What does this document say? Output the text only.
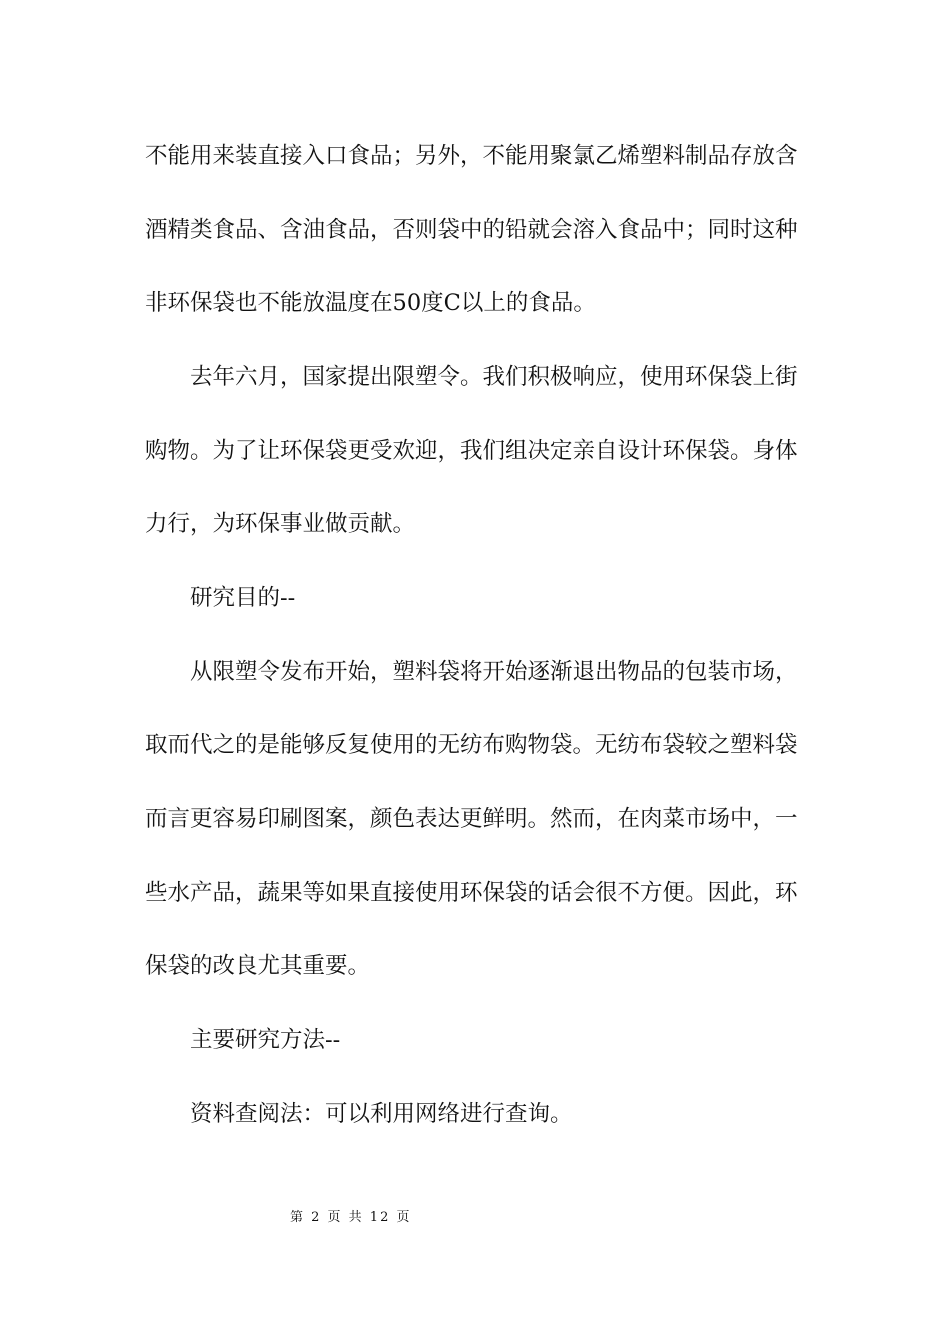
不能用来装直接入口食品；另外，不能用聚氯乙烯塑料制品存放含
酒精类食品、含油食品，否则袋中的铅就会溶入食品中；同时这种
非环保袋也不能放温度在50度C以上的食品。
去年六月，国家提出限塑令。我们积极响应，使用环保袋上街
购物。为了让环保袋更受欢迎，我们组决定亲自设计环保袋。身体
力行，为环保事业做贡献。
研究目的--
从限塑令发布开始，塑料袋将开始逐渐退出物品的包装市场，
取而代之的是能够反复使用的无纺布购物袋。无纺布袋较之塑料袋
而言更容易印刷图案，颜色表达更鲜明。然而，在肉菜市场中，一
些水产品，蔬果等如果直接使用环保袋的话会很不方便。因此，环
保袋的改良尤其重要。
主要研究方法--
资料查阅法：可以利用网络进行查询。
第 2 页 共 12 页
